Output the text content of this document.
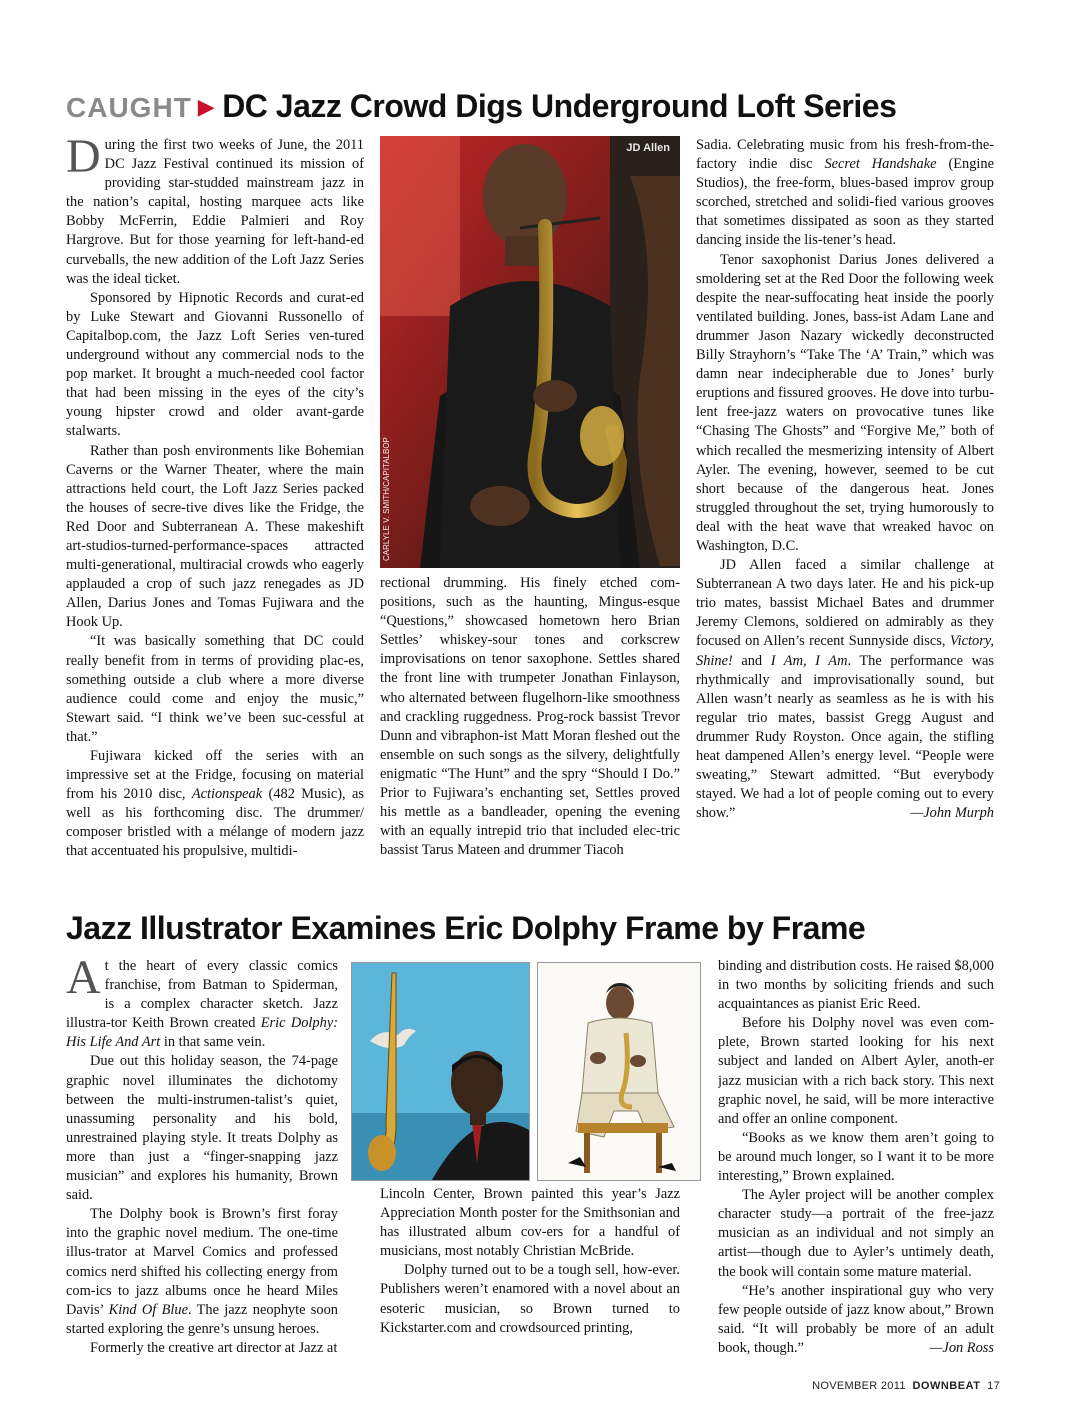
CAUGHT ▶ DC Jazz Crowd Digs Underground Loft Series

During the first two weeks of June, the 2011 DC Jazz Festival continued its mission of providing star-studded mainstream jazz in the nation’s capital, hosting marquee acts like Bobby McFerrin, Eddie Palmieri and Roy Hargrove. But for those yearning for left-hand-ed curveballs, the new addition of the Loft Jazz Series was the ideal ticket.

Sponsored by Hipnotic Records and curat-ed by Luke Stewart and Giovanni Russonello of Capitalbop.com, the Jazz Loft Series ven-tured underground without any commercial nods to the pop market. It brought a much-needed cool factor that had been missing in the eyes of the city’s young hipster crowd and older avant-garde stalwarts.

Rather than posh environments like Bohemian Caverns or the Warner Theater, where the main attractions held court, the Loft Jazz Series packed the houses of secre-tive dives like the Fridge, the Red Door and Subterranean A. These makeshift art-studios-turned-performance-spaces attracted multi-generational, multiracial crowds who eagerly applauded a crop of such jazz renegades as JD Allen, Darius Jones and Tomas Fujiwara and the Hook Up.

“It was basically something that DC could really benefit from in terms of providing plac-es, something outside a club where a more diverse audience could come and enjoy the music,” Stewart said. “I think we’ve been suc-cessful at that.”

Fujiwara kicked off the series with an impressive set at the Fridge, focusing on material from his 2010 disc, Actionspeak (482 Music), as well as his forthcoming disc. The drummer/ composer bristled with a mélange of modern jazz that accentuated his propulsive, multidi-

JD Allen
CARLYLE V. SMITH/CAPITALBOP

rectional drumming. His finely etched com-positions, such as the haunting, Mingus-esque “Questions,” showcased hometown hero Brian Settles’ whiskey-sour tones and corkscrew improvisations on tenor saxophone. Settles shared the front line with trumpeter Jonathan Finlayson, who alternated between flugelhorn-like smoothness and crackling ruggedness. Prog-rock bassist Trevor Dunn and vibraphon-ist Matt Moran fleshed out the ensemble on such songs as the silvery, delightfully enigmatic “The Hunt” and the spry “Should I Do.” Prior to Fujiwara’s enchanting set, Settles proved his mettle as a bandleader, opening the evening with an equally intrepid trio that included elec-tric bassist Tarus Mateen and drummer Tiacoh

Sadia. Celebrating music from his fresh-from-the-factory indie disc Secret Handshake (Engine Studios), the free-form, blues-based improv group scorched, stretched and solidi-fied various grooves that sometimes dissipated as soon as they started dancing inside the lis-tener’s head.

Tenor saxophonist Darius Jones delivered a smoldering set at the Red Door the following week despite the near-suffocating heat inside the poorly ventilated building. Jones, bass-ist Adam Lane and drummer Jason Nazary wickedly deconstructed Billy Strayhorn’s “Take The ‘A’ Train,” which was damn near indecipherable due to Jones’ burly eruptions and fissured grooves. He dove into turbu-lent free-jazz waters on provocative tunes like “Chasing The Ghosts” and “Forgive Me,” both of which recalled the mesmerizing intensity of Albert Ayler. The evening, however, seemed to be cut short because of the dangerous heat. Jones struggled throughout the set, trying humorously to deal with the heat wave that wreaked havoc on Washington, D.C.

JD Allen faced a similar challenge at Subterranean A two days later. He and his pick-up trio mates, bassist Michael Bates and drummer Jeremy Clemons, soldiered on admirably as they focused on Allen’s recent Sunnyside discs, Victory, Shine! and I Am, I Am. The performance was rhythmically and improvisationally sound, but Allen wasn’t nearly as seamless as he is with his regular trio mates, bassist Gregg August and drummer Rudy Royston. Once again, the stifling heat dampened Allen’s energy level. “People were sweating,” Stewart admitted. “But everybody stayed. We had a lot of people coming out to every show.”	—John Murph

Jazz Illustrator Examines Eric Dolphy Frame by Frame

At the heart of every classic comics franchise, from Batman to Spiderman, is a complex character sketch. Jazz illustra-tor Keith Brown created Eric Dolphy: His Life And Art in that same vein.

Due out this holiday season, the 74-page graphic novel illuminates the dichotomy between the multi-instrumen-talist’s quiet, unassuming personality and his bold, unrestrained playing style. It treats Dolphy as more than just a “finger-snapping jazz musician” and explores his humanity, Brown said.

The Dolphy book is Brown’s first foray into the graphic novel medium. The one-time illus-trator at Marvel Comics and professed comics nerd shifted his collecting energy from com-ics to jazz albums once he heard Miles Davis’ Kind Of Blue. The jazz neophyte soon started exploring the genre’s unsung heroes.

Formerly the creative art director at Jazz at

Lincoln Center, Brown painted this year’s Jazz Appreciation Month poster for the Smithsonian and has illustrated album cov-ers for a handful of musicians, most notably Christian McBride.

Dolphy turned out to be a tough sell, how-ever. Publishers weren’t enamored with a novel about an esoteric musician, so Brown turned to Kickstarter.com and crowdsourced printing,

binding and distribution costs. He raised $8,000 in two months by soliciting friends and such acquaintances as pianist Eric Reed.

Before his Dolphy novel was even com-plete, Brown started looking for his next subject and landed on Albert Ayler, anoth-er jazz musician with a rich back story. This next graphic novel, he said, will be more interactive and offer an online component.

“Books as we know them aren’t going to be around much longer, so I want it to be more interesting,” Brown explained.

The Ayler project will be another complex character study—a portrait of the free-jazz musician as an individual and not simply an artist—though due to Ayler’s untimely death, the book will contain some mature material.

“He’s another inspirational guy who very few people outside of jazz know about,” Brown said. “It will probably be more of an adult book, though.”	—Jon Ross

NOVEMBER 2011 DOWNBEAT 17
